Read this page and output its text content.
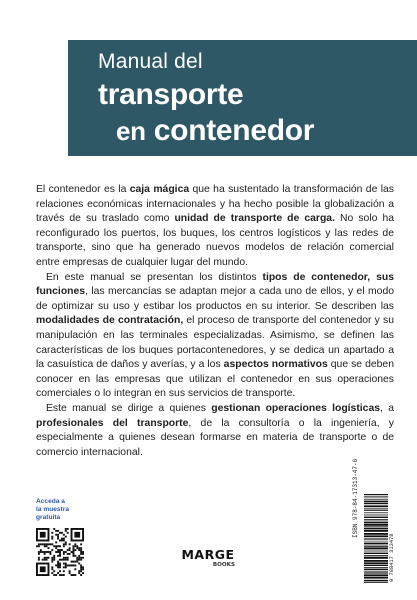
Manual del
transporte
en contenedor

El contenedor es la caja mágica que ha sustentado la transformación de las relaciones económicas internacionales y ha hecho posible la globalización a través de su traslado como unidad de transporte de carga. No solo ha reconfigurado los puertos, los buques, los centros logísticos y las redes de transporte, sino que ha generado nuevos modelos de relación comercial entre empresas de cualquier lugar del mundo.

En este manual se presentan los distintos tipos de contenedor, sus funciones, las mercancías se adaptan mejor a cada uno de ellos, y el modo de optimizar su uso y estibar los productos en su interior. Se describen las modalidades de contratación, el proceso de transporte del contenedor y su manipulación en las terminales especializadas. Asimismo, se definen las características de los buques portacontenedores, y se dedica un apartado a la casuística de daños y averías, y a los aspectos normativos que se deben conocer en las empresas que utilizan el contenedor en sus operaciones comerciales o lo integran en sus servicios de transporte.

Este manual se dirige a quienes gestionan operaciones logísticas, a profesionales del transporte, de la consultoría o la ingeniería, y especialmente a quienes desean formarse en materia de transporte o de comercio internacional.

Acceda a
la muestra
gratuita
MARGE
BOOKS
ISBN 978-84-17313-47-6
9 788417 313478
